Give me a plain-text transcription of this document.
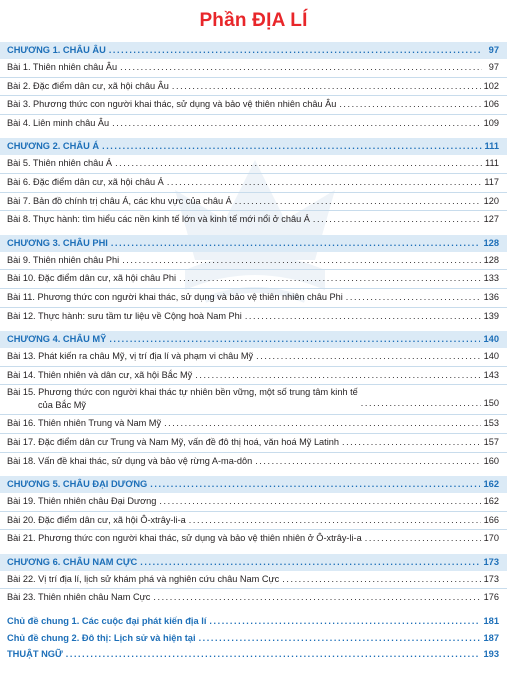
Phần ĐỊA LÍ
CHƯƠNG 1. CHÂU ÂU .....	97
Bài 1. Thiên nhiên châu Âu .....	97
Bài 2. Đặc điểm dân cư, xã hội châu Âu .....	102
Bài 3. Phương thức con người khai thác, sử dụng và bảo vệ thiên nhiên châu Âu .....	106
Bài 4. Liên minh châu Âu .....	109
CHƯƠNG 2. CHÂU Á .....	111
Bài 5. Thiên nhiên châu Á .....	111
Bài 6. Đặc điểm dân cư, xã hội châu Á .....	117
Bài 7. Bản đồ chính trị châu Á, các khu vực của châu Á .....	120
Bài 8. Thực hành: tìm hiểu các nền kinh tế lớn và kinh tế mới nổi ở châu Á .....	127
CHƯƠNG 3. CHÂU PHI .....	128
Bài 9. Thiên nhiên châu Phi .....	128
Bài 10. Đặc điểm dân cư, xã hội châu Phi .....	133
Bài 11. Phương thức con người khai thác, sử dụng và bảo vệ thiên nhiên châu Phi .....	136
Bài 12. Thực hành: sưu tầm tư liệu về Cộng hoà Nam Phi .....	139
CHƯƠNG 4. CHÂU MỸ .....	140
Bài 13. Phát kiến ra châu Mỹ, vị trí địa lí và phạm vi châu Mỹ .....	140
Bài 14. Thiên nhiên và dân cư, xã hội Bắc Mỹ .....	143
Bài 15. Phương thức con người khai thác tự nhiên bền vững, một số trung tâm kinh tế
của Bắc Mỹ .....	150
Bài 16. Thiên nhiên Trung và Nam Mỹ .....	153
Bài 17. Đặc điểm dân cư Trung và Nam Mỹ, vấn đề đô thị hoá, văn hoá Mỹ Latinh .....	157
Bài 18. Vấn đề khai thác, sử dụng và bảo vệ rừng A-ma-dôn .....	160
CHƯƠNG 5. CHÂU ĐẠI DƯƠNG .....	162
Bài 19. Thiên nhiên châu Đại Dương .....	162
Bài 20. Đặc điểm dân cư, xã hội Ô-xtrây-li-a .....	166
Bài 21. Phương thức con người khai thác, sử dụng và bảo vệ thiên nhiên ở Ô-xtrây-li-a .....	170
CHƯƠNG 6. CHÂU NAM CỰC .....	173
Bài 22. Vị trí địa lí, lịch sử khám phá và nghiên cứu châu Nam Cực .....	173
Bài 23. Thiên nhiên châu Nam Cực .....	176
Chủ đề chung 1. Các cuộc đại phát kiến địa lí .....	181
Chủ đề chung 2. Đô thị: Lịch sử và hiện tại .....	187
THUẬT NGỮ .....	193
